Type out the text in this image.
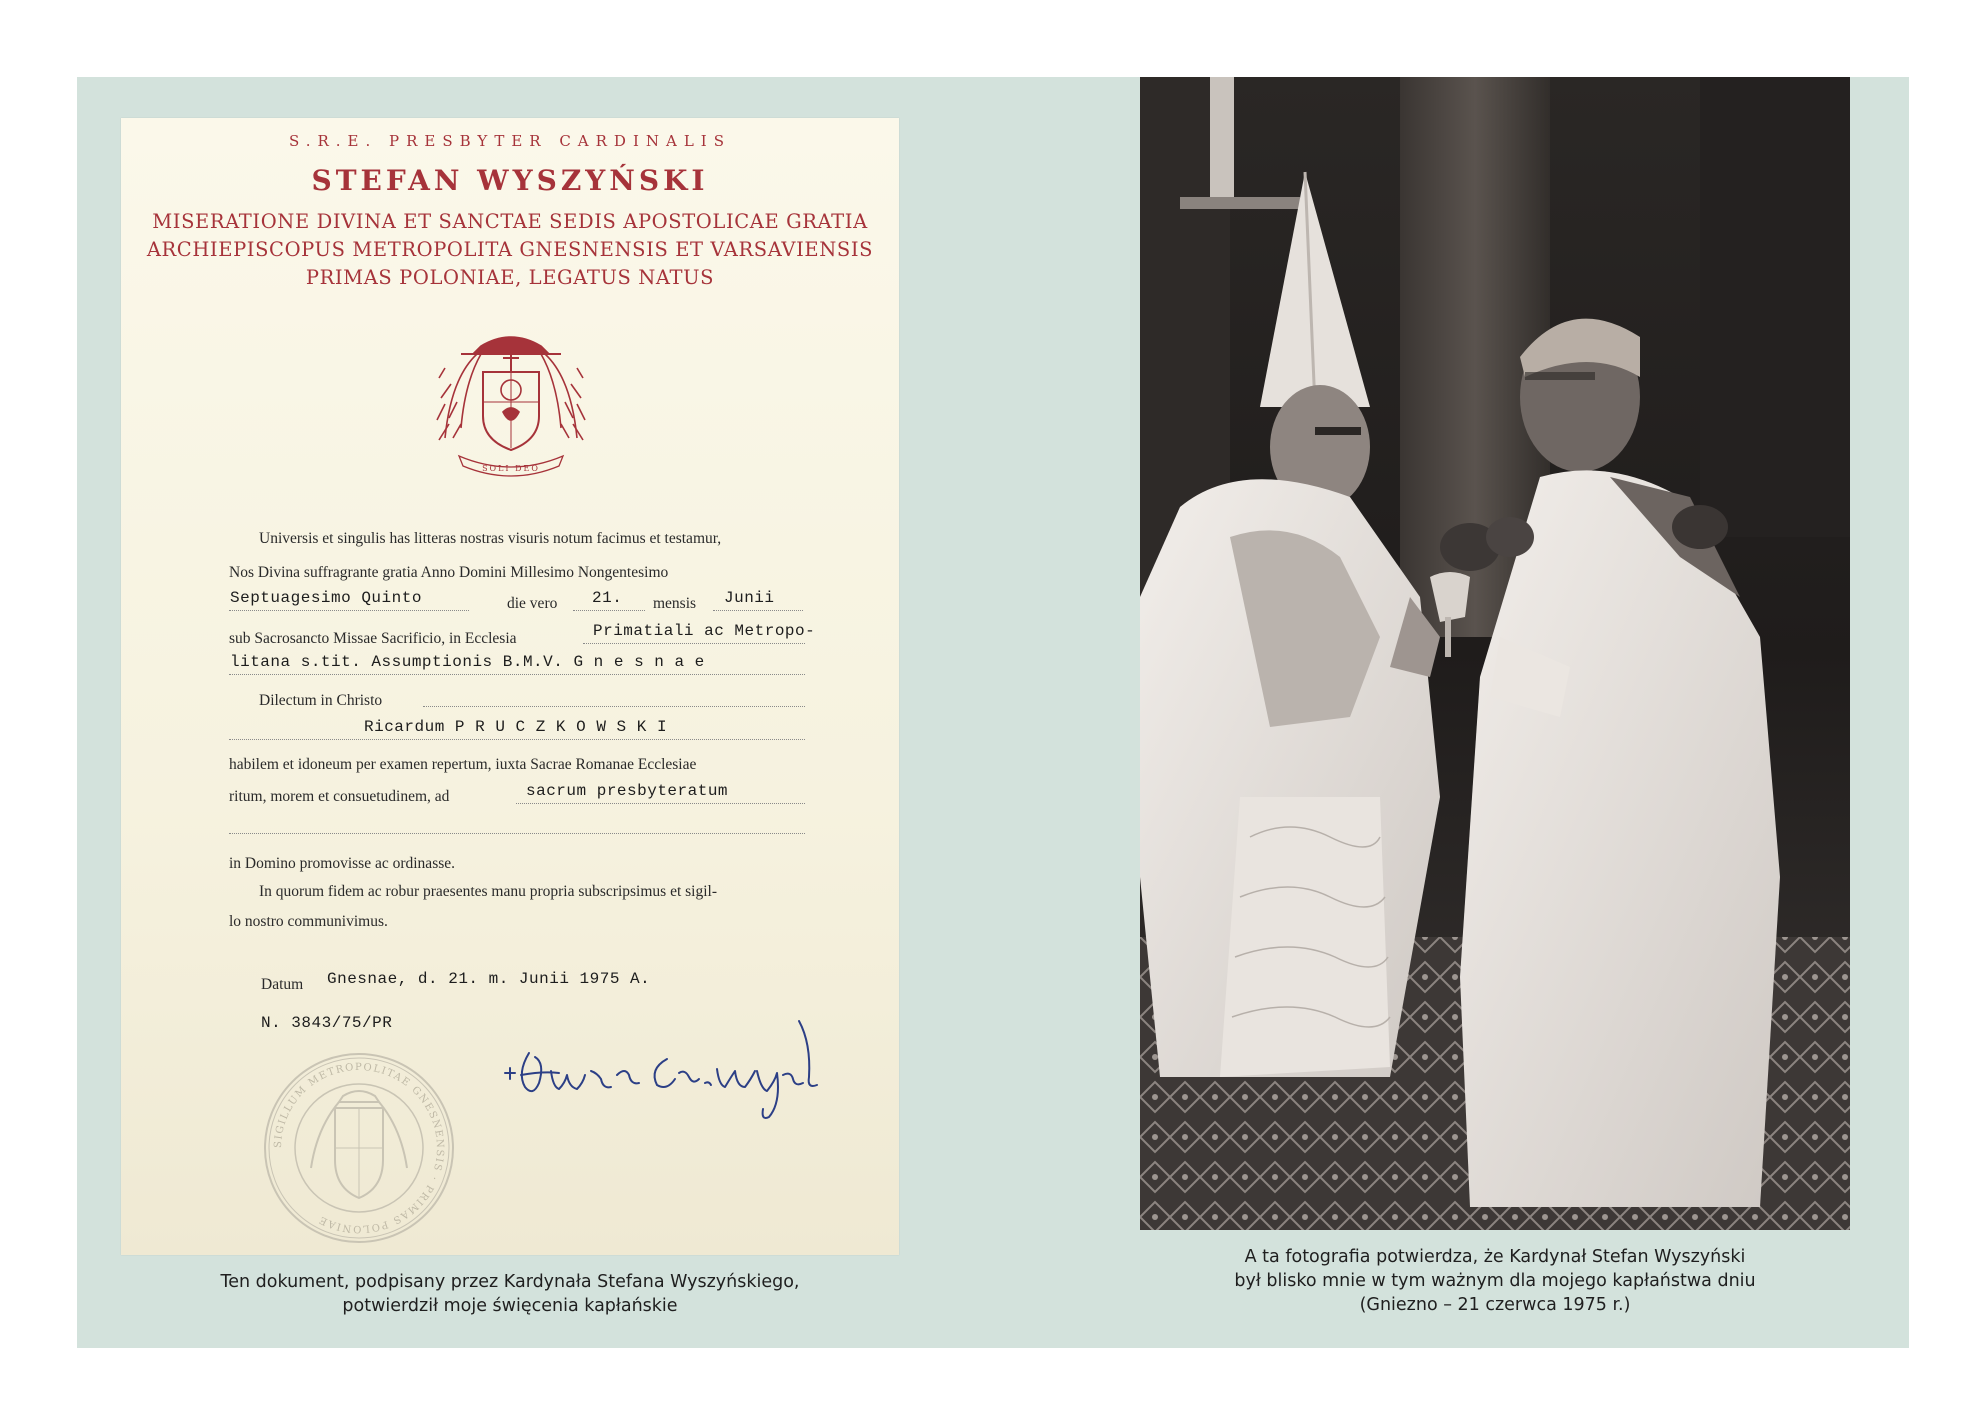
S.R.E. PRESBYTER CARDINALIS
STEFAN WYSZYŃSKI
MISERATIONE DIVINA ET SANCTAE SEDIS APOSTOLICAE GRATIA
ARCHIEPISCOPUS METROPOLITA GNESNENSIS ET VARSAVIENSIS
PRIMAS POLONIAE, LEGATUS NATUS
SOLI DEO
Universis et singulis has litteras nostras visuris notum facimus et testamur,
Nos Divina suffragrante gratia Anno Domini Millesimo Nongentesimo
Septuagesimo Quinto	die vero 21. mensis Junii
sub Sacrosancto Missae Sacrificio, in Ecclesia	Primatiali ac Metropo-
litana s.tit. Assumptionis B.M.V. G n e s n a e
Dilectum in Christo
Ricardum P R U C Z K O W S K I
habilem et idoneum per examen repertum, iuxta Sacrae Romanae Ecclesiae
ritum, morem et consuetudinem, ad	sacrum presbyteratum
in Domino promovisse ac ordinasse.
In quorum fidem ac robur praesentes manu propria subscripsimus et sigil-
lo nostro communivimus.
Datum Gnesnae, d. 21. m. Junii 1975 A.
N. 3843/75/PR
SIGILLUM METROPOLITAE GNESNENSIS · PRIMAS POLONIAE
Ten dokument, podpisany przez Kardynała Stefana Wyszyńskiego,
potwierdził moje święcenia kapłańskie
A ta fotografia potwierdza, że Kardynał Stefan Wyszyński
był blisko mnie w tym ważnym dla mojego kapłaństwa dniu
(Gniezno – 21 czerwca 1975 r.)
